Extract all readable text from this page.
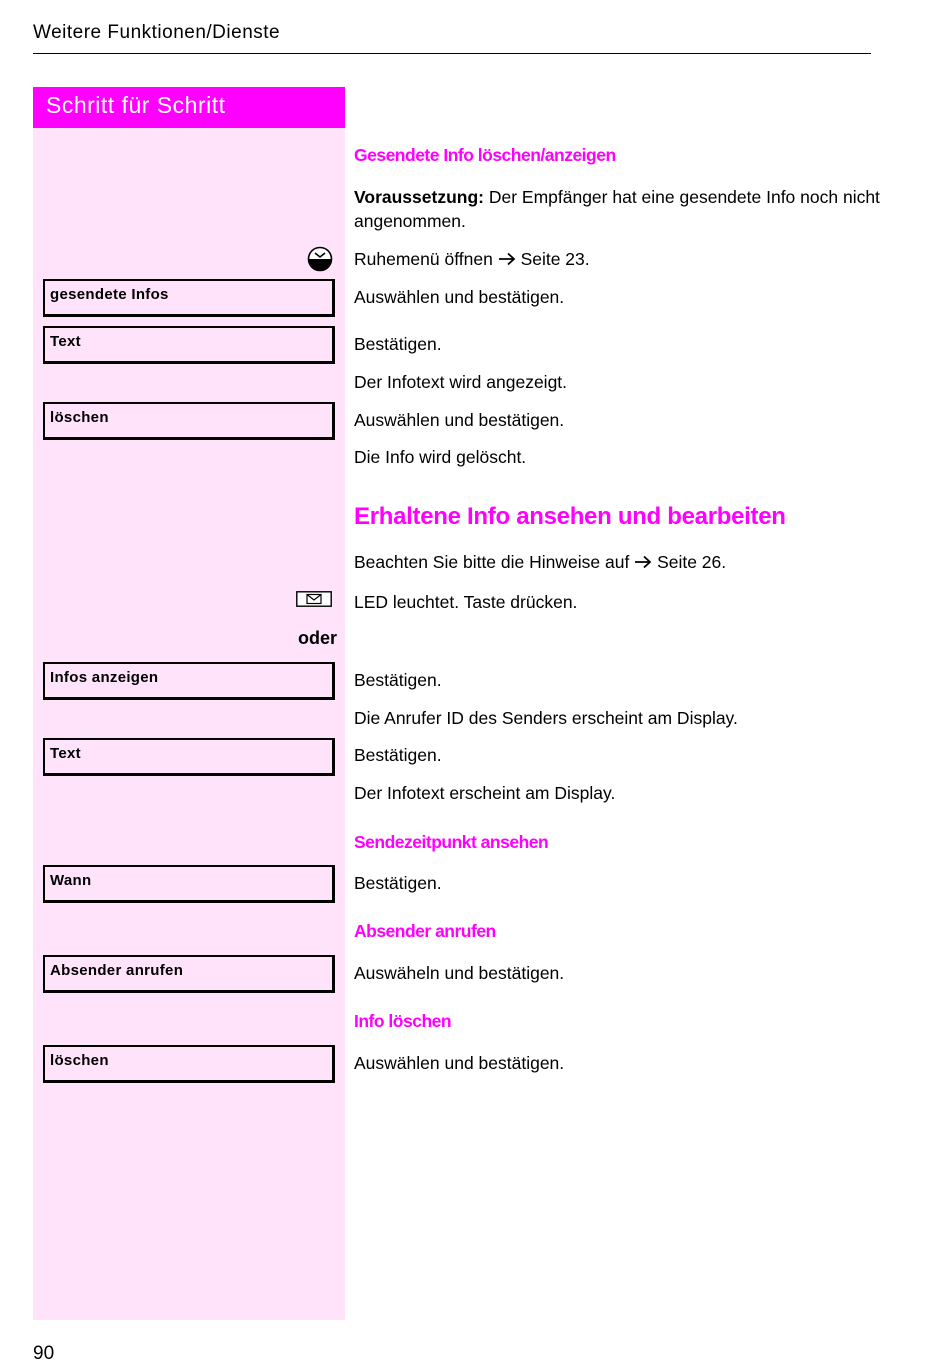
Weitere Funktionen/Dienste
Schritt für Schritt
gesendete Infos
Text
löschen
oder
Infos anzeigen
Text
Wann
Absender anrufen
löschen
Gesendete Info löschen/anzeigen
Voraussetzung: Der Empfänger hat eine gesendete Info noch nicht
angenommen.
Ruhemenü öffnen Seite 23.
Auswählen und bestätigen.
Bestätigen.
Der Infotext wird angezeigt.
Auswählen und bestätigen.
Die Info wird gelöscht.
Erhaltene Info ansehen und bearbeiten
Beachten Sie bitte die Hinweise auf Seite 26.
LED leuchtet. Taste drücken.
Bestätigen.
Die Anrufer ID des Senders erscheint am Display.
Bestätigen.
Der Infotext erscheint am Display.
Sendezeitpunkt ansehen
Bestätigen.
Absender anrufen
Auswäheln und bestätigen.
Info löschen
Auswählen und bestätigen.
90
